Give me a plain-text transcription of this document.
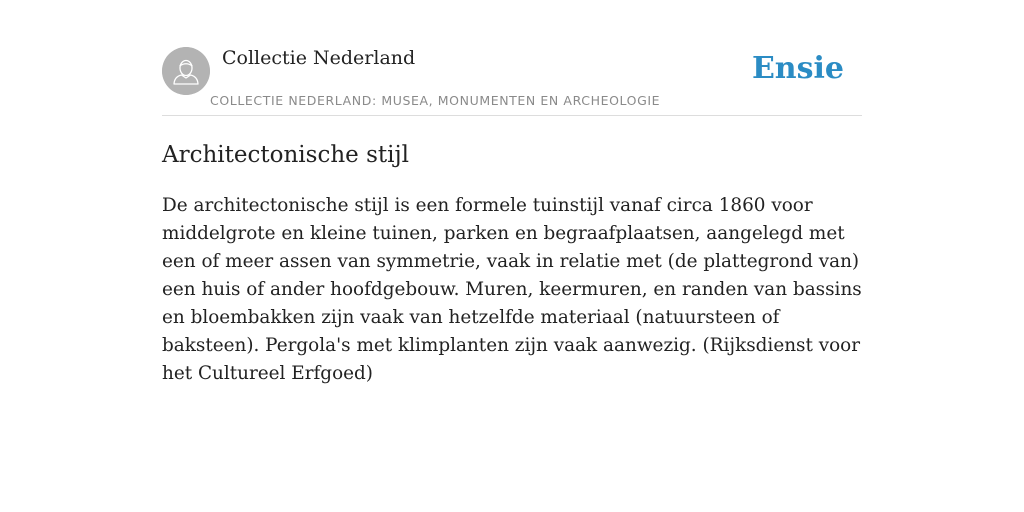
Collectie Nederland
COLLECTIE NEDERLAND: MUSEA, MONUMENTEN EN ARCHEOLOGIE
Ensie
Architectonische stijl

De architectonische stijl is een formele tuinstijl vanaf circa 1860 voor middelgrote en kleine tuinen, parken en begraafplaatsen, aangelegd met een of meer assen van symmetrie, vaak in relatie met (de plattegrond van) een huis of ander hoofdgebouw. Muren, keermuren, en randen van bassins en bloembakken zijn vaak van hetzelfde materiaal (natuursteen of baksteen). Pergola's met klimplanten zijn vaak aanwezig. (Rijksdienst voor het Cultureel Erfgoed)
